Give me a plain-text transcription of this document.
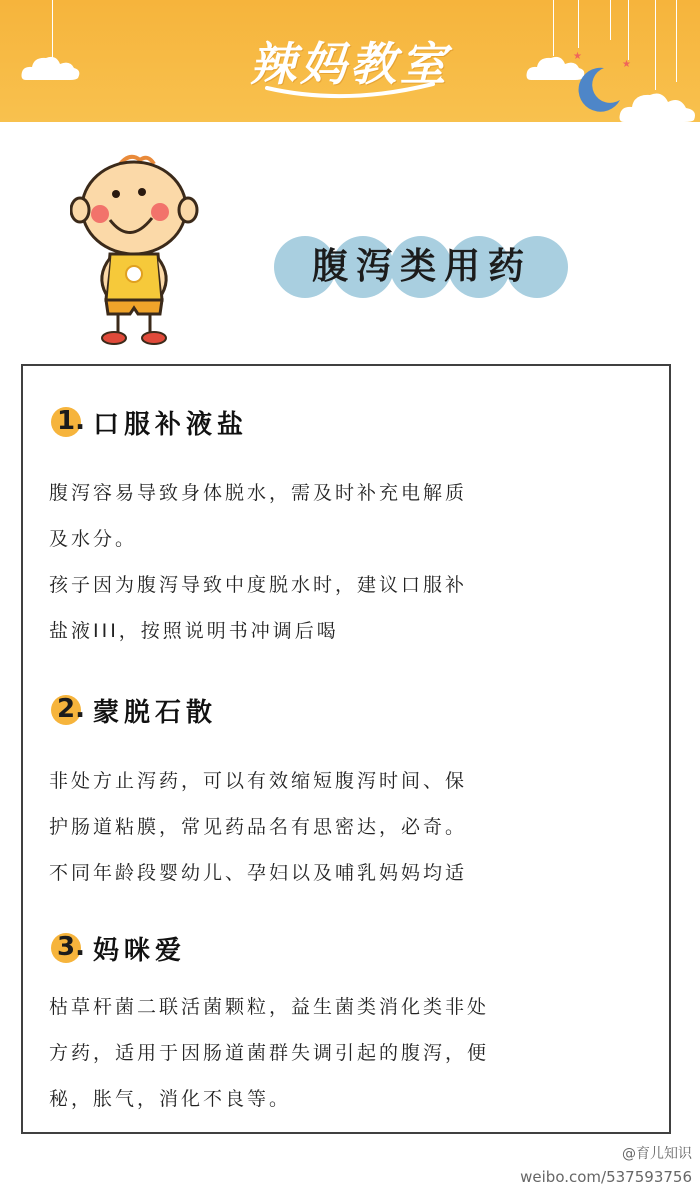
★
★
辣妈教室
腹泻类用药
1. 口服补液盐
腹泻容易导致身体脱水，需及时补充电解质
及水分。
孩子因为腹泻导致中度脱水时，建议口服补
盐液III，按照说明书冲调后喝
2. 蒙脱石散
非处方止泻药，可以有效缩短腹泻时间、保
护肠道粘膜，常见药品名有思密达，必奇。
不同年龄段婴幼儿、孕妇以及哺乳妈妈均适
3. 妈咪爱
枯草杆菌二联活菌颗粒，益生菌类消化类非处
方药，适用于因肠道菌群失调引起的腹泻，便
秘，胀气，消化不良等。
@育儿知识
weibo.com/537593756
